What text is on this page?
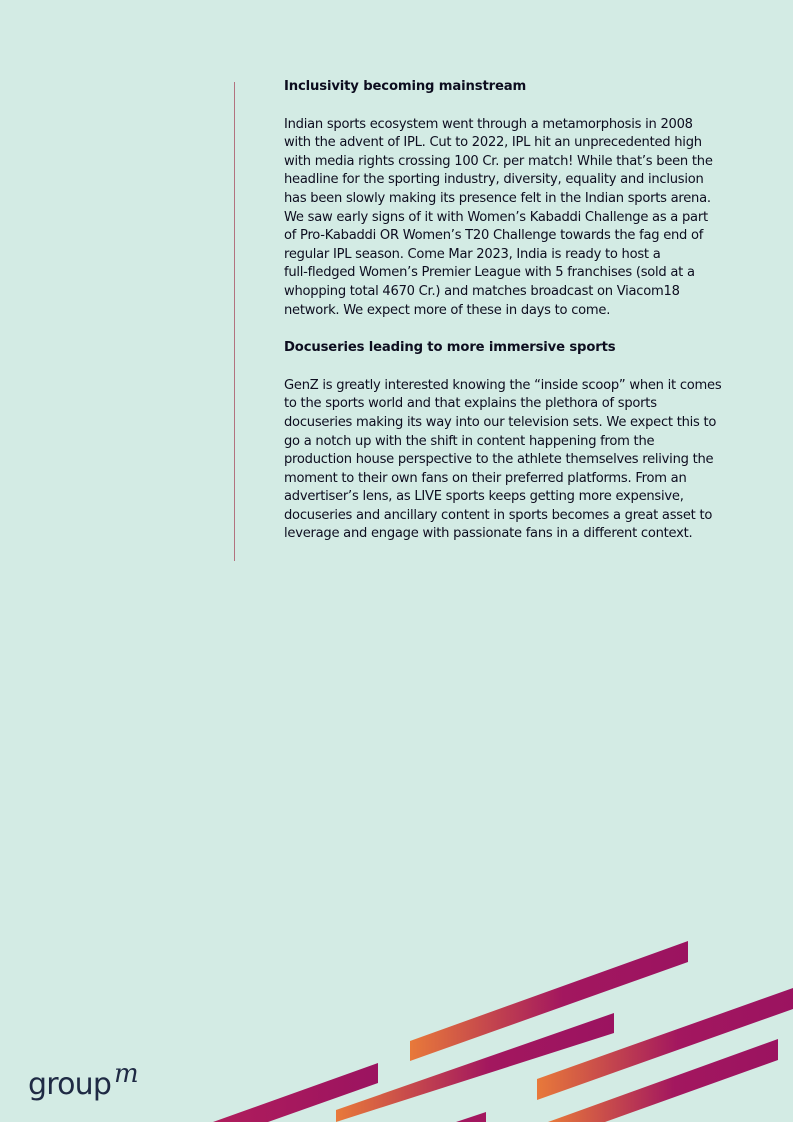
Inclusivity becoming mainstream

Indian sports ecosystem went through a metamorphosis in 2008
with the advent of IPL. Cut to 2022, IPL hit an unprecedented high
with media rights crossing 100 Cr. per match! While that’s been the
headline for the sporting industry, diversity, equality and inclusion
has been slowly making its presence felt in the Indian sports arena.
We saw early signs of it with Women’s Kabaddi Challenge as a part
of Pro-Kabaddi OR Women’s T20 Challenge towards the fag end of
regular IPL season. Come Mar 2023, India is ready to host a
full-fledged Women’s Premier League with 5 franchises (sold at a
whopping total 4670 Cr.) and matches broadcast on Viacom18
network. We expect more of these in days to come.

Docuseries leading to more immersive sports

GenZ is greatly interested knowing the “inside scoop” when it comes
to the sports world and that explains the plethora of sports
docuseries making its way into our television sets. We expect this to
go a notch up with the shift in content happening from the
production house perspective to the athlete themselves reliving the
moment to their own fans on their preferred platforms. From an
advertiser’s lens, as LIVE sports keeps getting more expensive,
docuseries and ancillary content in sports becomes a great asset to
leverage and engage with passionate fans in a different context.

group m
